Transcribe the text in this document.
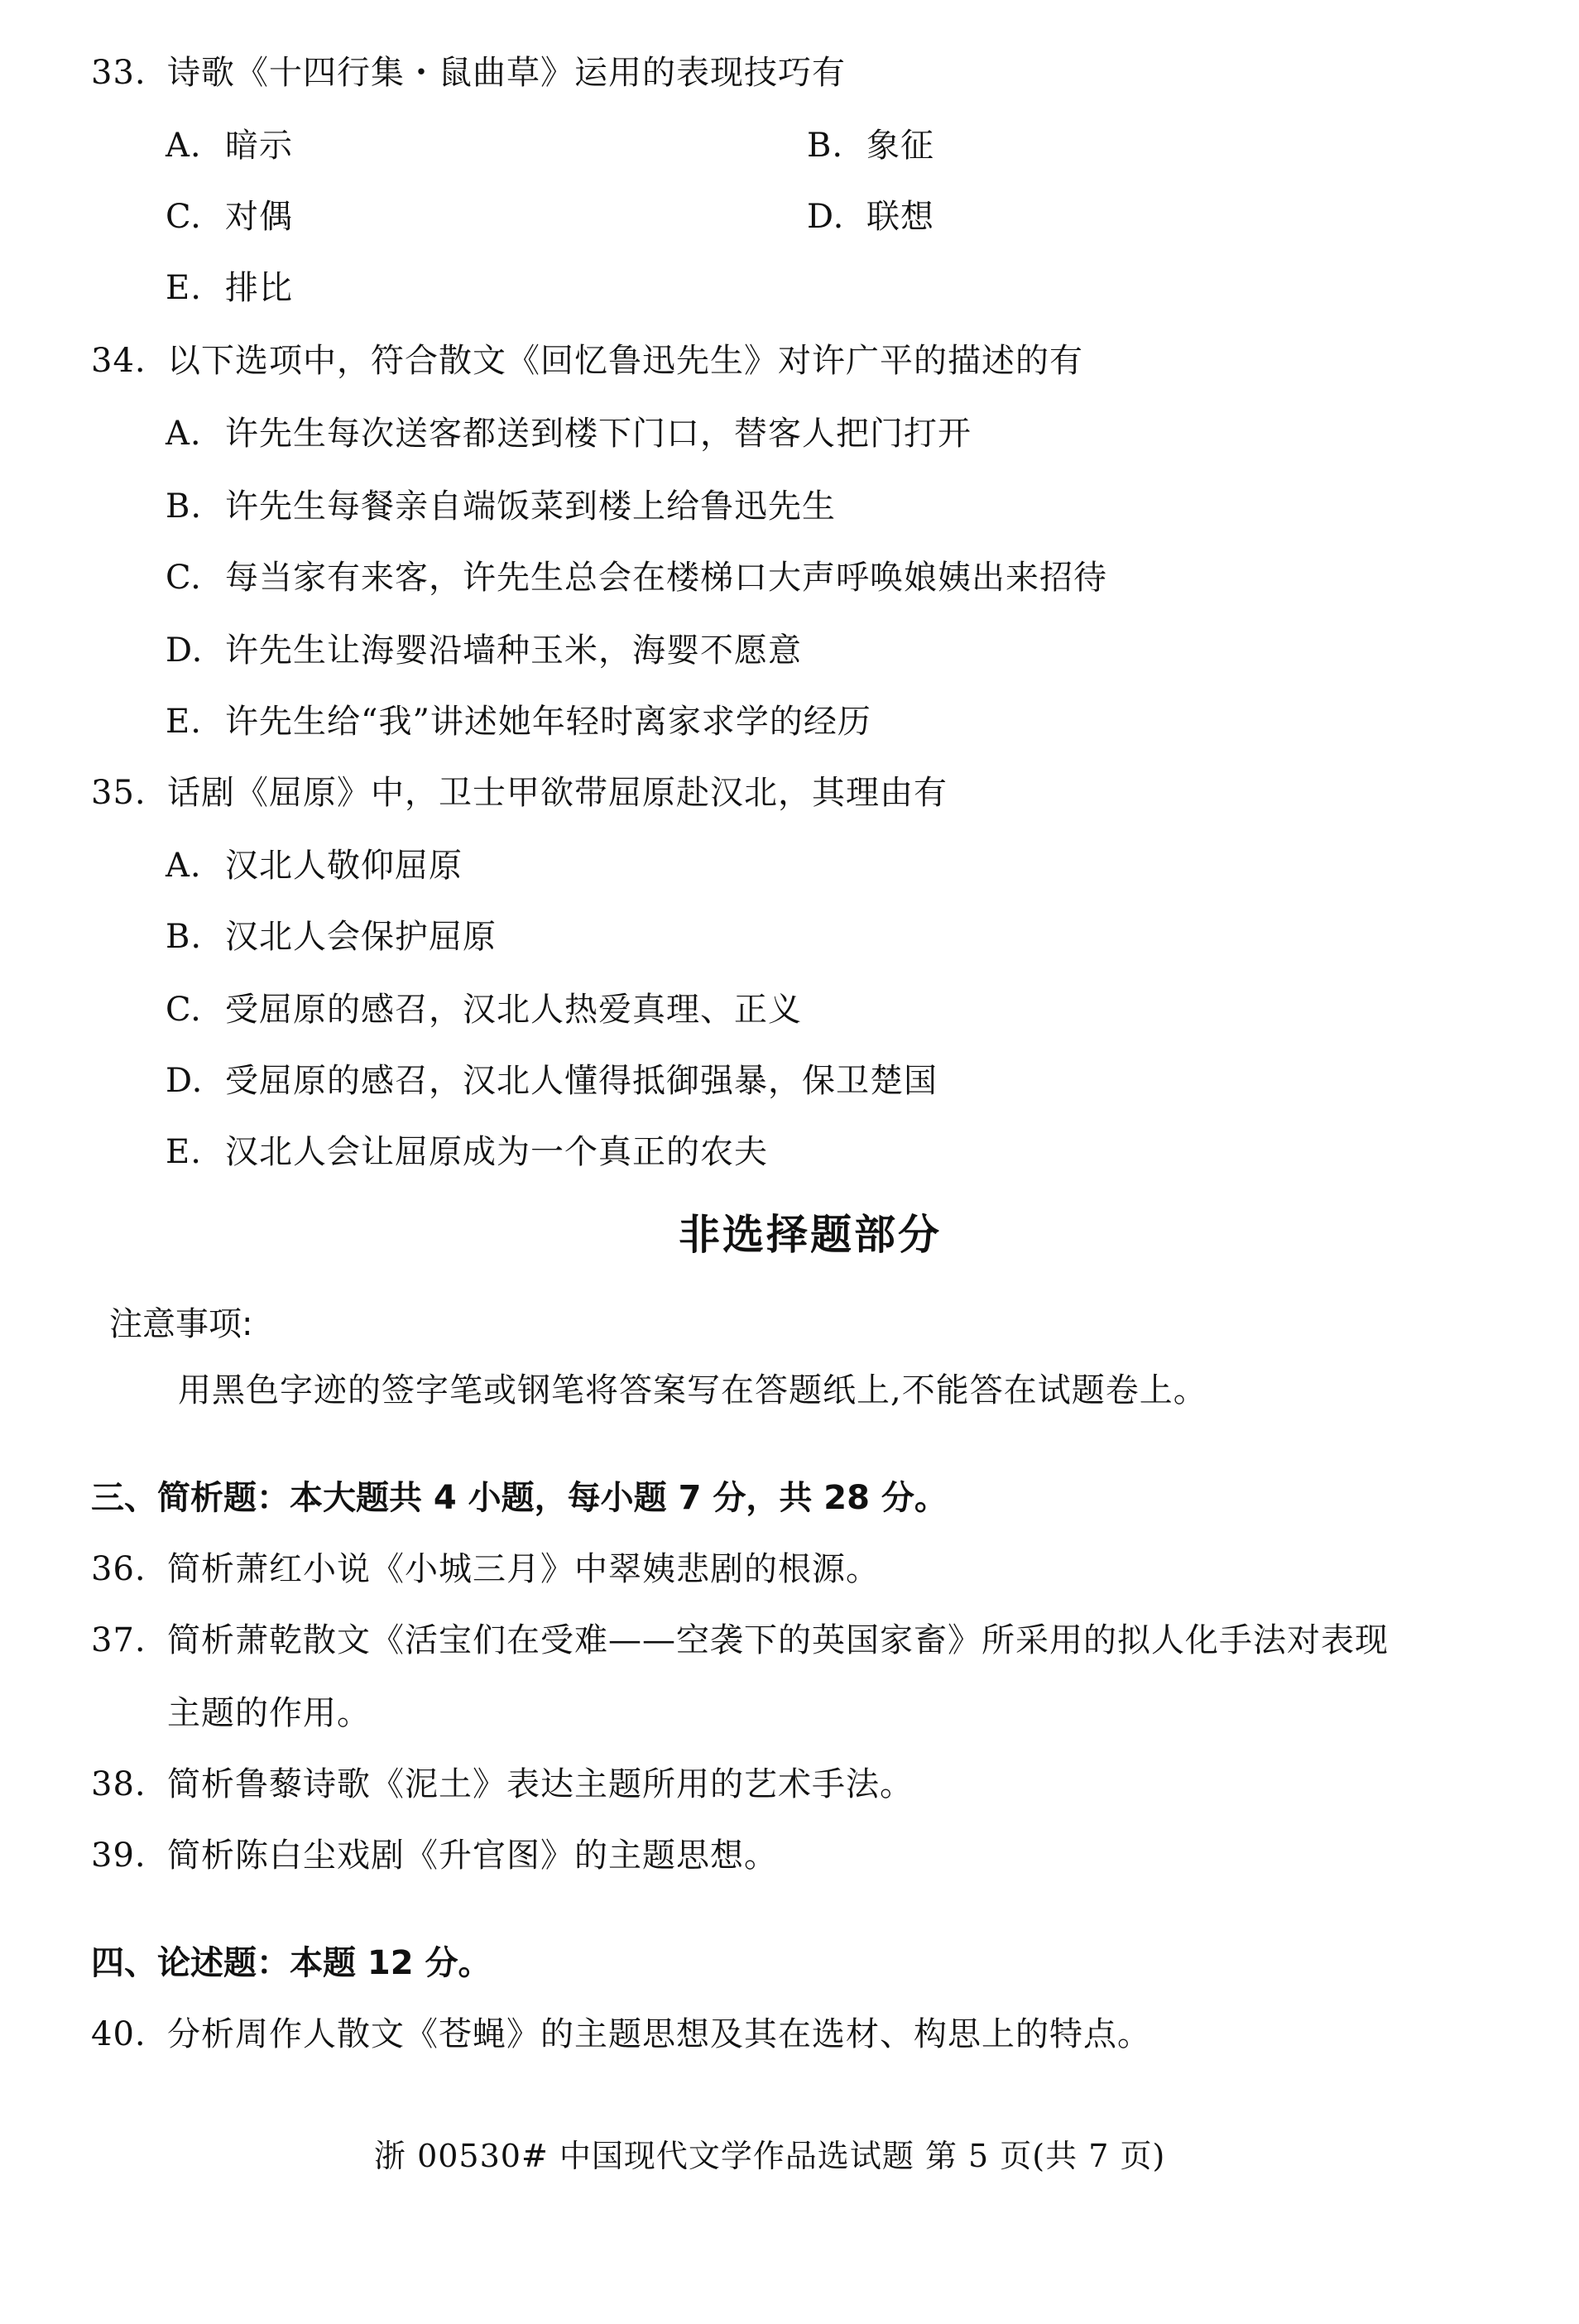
33. 诗歌《十四行集・鼠曲草》运用的表现技巧有
A. 暗示	B. 象征
C. 对偶	D. 联想
E. 排比
34. 以下选项中，符合散文《回忆鲁迅先生》对许广平的描述的有
A. 许先生每次送客都送到楼下门口，替客人把门打开
B. 许先生每餐亲自端饭菜到楼上给鲁迅先生
C. 每当家有来客，许先生总会在楼梯口大声呼唤娘姨出来招待
D. 许先生让海婴沿墙种玉米，海婴不愿意
E. 许先生给“我”讲述她年轻时离家求学的经历
35. 话剧《屈原》中，卫士甲欲带屈原赴汉北，其理由有
A. 汉北人敬仰屈原
B. 汉北人会保护屈原
C. 受屈原的感召，汉北人热爱真理、正义
D. 受屈原的感召，汉北人懂得抵御强暴，保卫楚国
E. 汉北人会让屈原成为一个真正的农夫
非选择题部分
注意事项:
用黑色字迹的签字笔或钢笔将答案写在答题纸上,不能答在试题卷上。
三、简析题：本大题共 4 小题，每小题 7 分，共 28 分。
36. 简析萧红小说《小城三月》中翠姨悲剧的根源。
37. 简析萧乾散文《活宝们在受难——空袭下的英国家畜》所采用的拟人化手法对表现
主题的作用。
38. 简析鲁藜诗歌《泥土》表达主题所用的艺术手法。
39. 简析陈白尘戏剧《升官图》的主题思想。
四、论述题：本题 12 分。
40. 分析周作人散文《苍蝇》的主题思想及其在选材、构思上的特点。
浙 00530# 中国现代文学作品选试题 第 5 页(共 7 页)
